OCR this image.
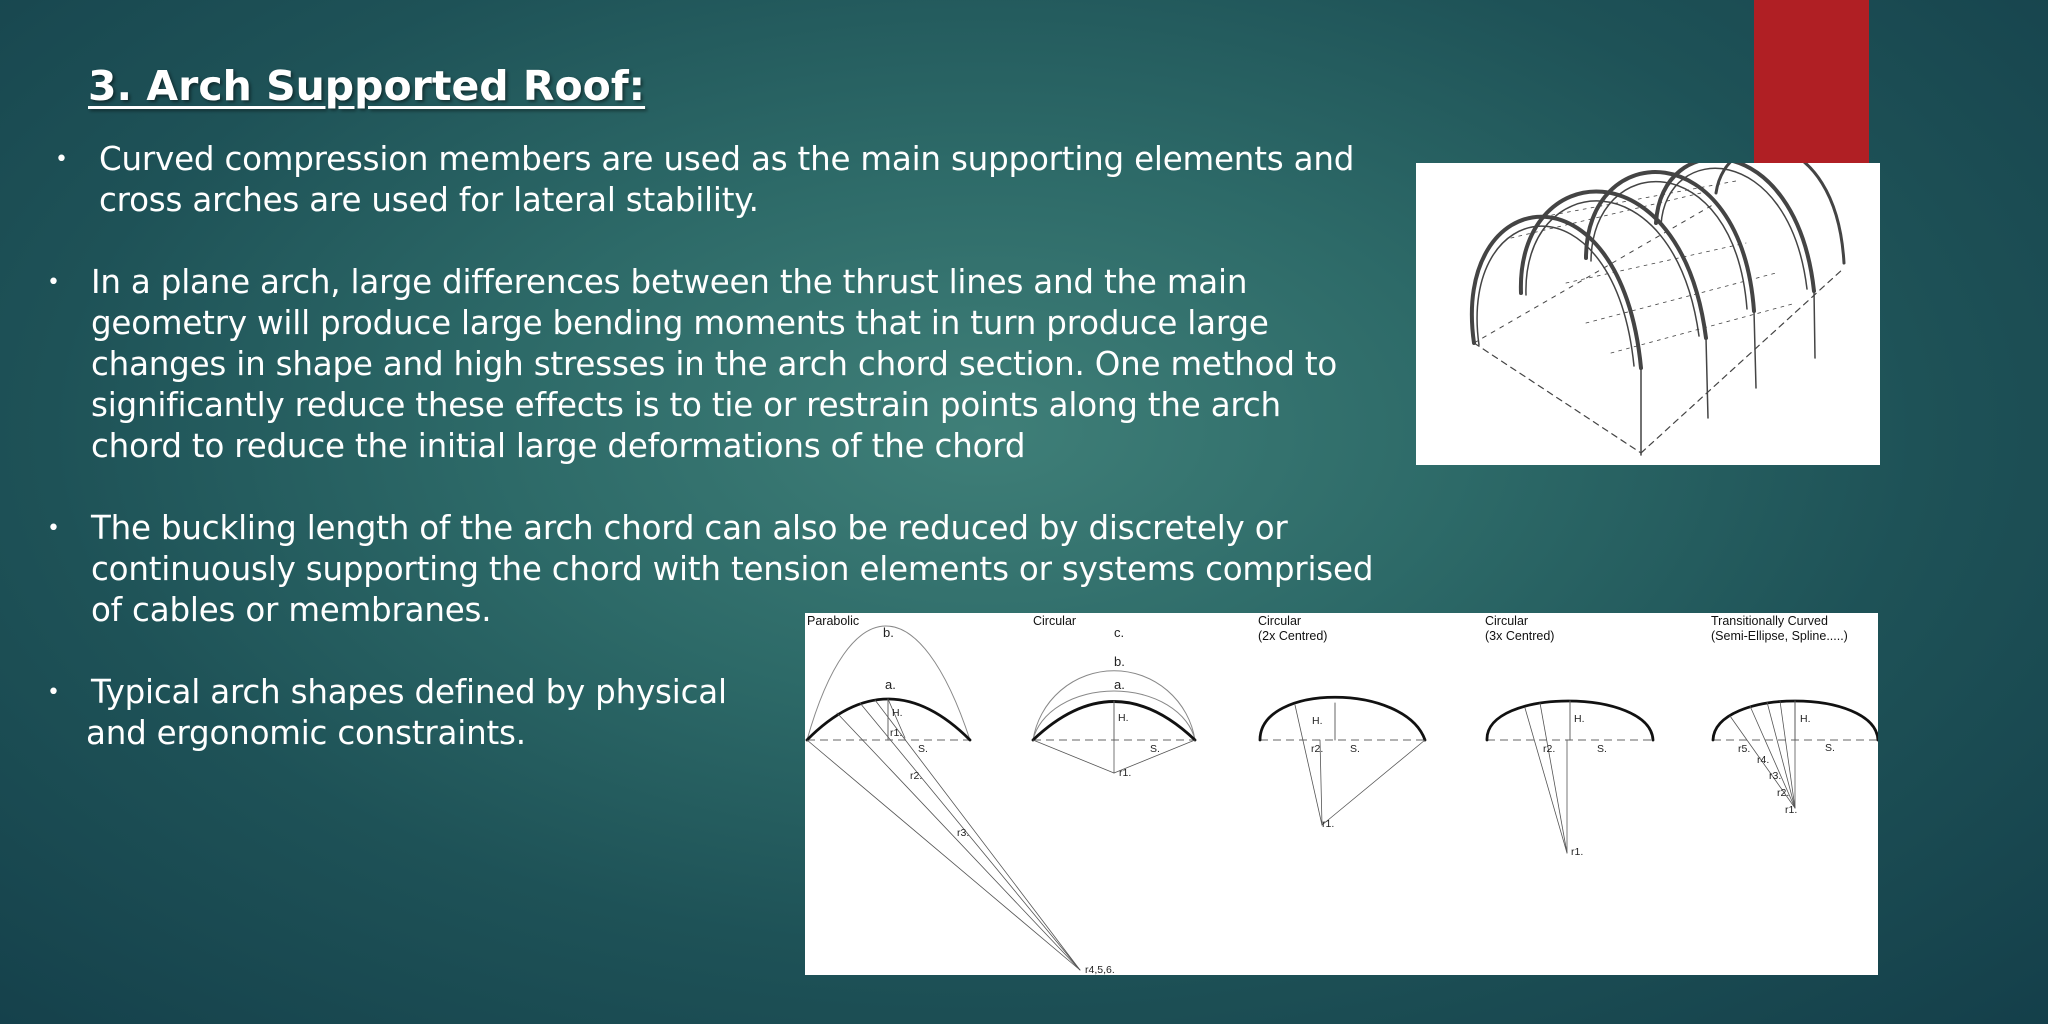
3. Arch Supported Roof:
• Curved compression members are used as the main supporting elements and
cross arches are used for lateral stability.
• In a plane arch, large differences between the thrust lines and the main
geometry will produce large bending moments that in turn produce large
changes in shape and high stresses in the arch chord section. One method to
significantly reduce these effects is to tie or restrain points along the arch
chord to reduce the initial large deformations of the chord
• The buckling length of the arch chord can also be reduced by discretely or
continuously supporting the chord with tension elements or systems comprised
of cables or membranes.
• Typical arch shapes defined by physical
and ergonomic constraints.
Parabolic	Circular	Circular
(2x Centred)
Circular
(3x Centred)
Transitionally Curved
(Semi-Ellipse, Spline.....)
b.
a.
H.
r1.
S.
r2.
r3.
r4,5,6.
c.
b.
a.
H.
S.
r1.
H.
r2.	S.
r1.
H.
r2.	S.
r1.
H.
S.
r5.
r4.
r3.
r2.
r1.
